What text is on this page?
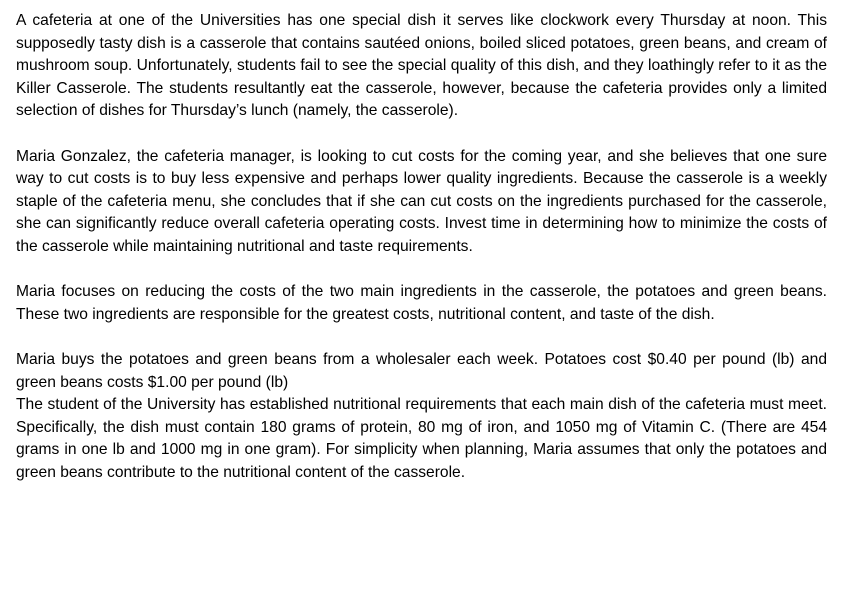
A cafeteria at one of the Universities has one special dish it serves like clockwork every Thursday at noon. This supposedly tasty dish is a casserole that contains sautéed onions, boiled sliced potatoes, green beans, and cream of mushroom soup. Unfortunately, students fail to see the special quality of this dish, and they loathingly refer to it as the Killer Casserole. The students resultantly eat the casserole, however, because the cafeteria provides only a limited selection of dishes for Thursday’s lunch (namely, the casserole).

Maria Gonzalez, the cafeteria manager, is looking to cut costs for the coming year, and she believes that one sure way to cut costs is to buy less expensive and perhaps lower quality ingredients. Because the casserole is a weekly staple of the cafeteria menu, she concludes that if she can cut costs on the ingredients purchased for the casserole, she can significantly reduce overall cafeteria operating costs. Invest time in determining how to minimize the costs of the casserole while maintaining nutritional and taste requirements.

Maria focuses on reducing the costs of the two main ingredients in the casserole, the potatoes and green beans. These two ingredients are responsible for the greatest costs, nutritional content, and taste of the dish.

Maria buys the potatoes and green beans from a wholesaler each week. Potatoes cost $0.40 per pound (lb) and green beans costs $1.00 per pound (lb)

The student of the University has established nutritional requirements that each main dish of the cafeteria must meet. Specifically, the dish must contain 180 grams of protein, 80 mg of iron, and 1050 mg of Vitamin C. (There are 454 grams in one lb and 1000 mg in one gram). For simplicity when planning, Maria assumes that only the potatoes and green beans contribute to the nutritional content of the casserole.
